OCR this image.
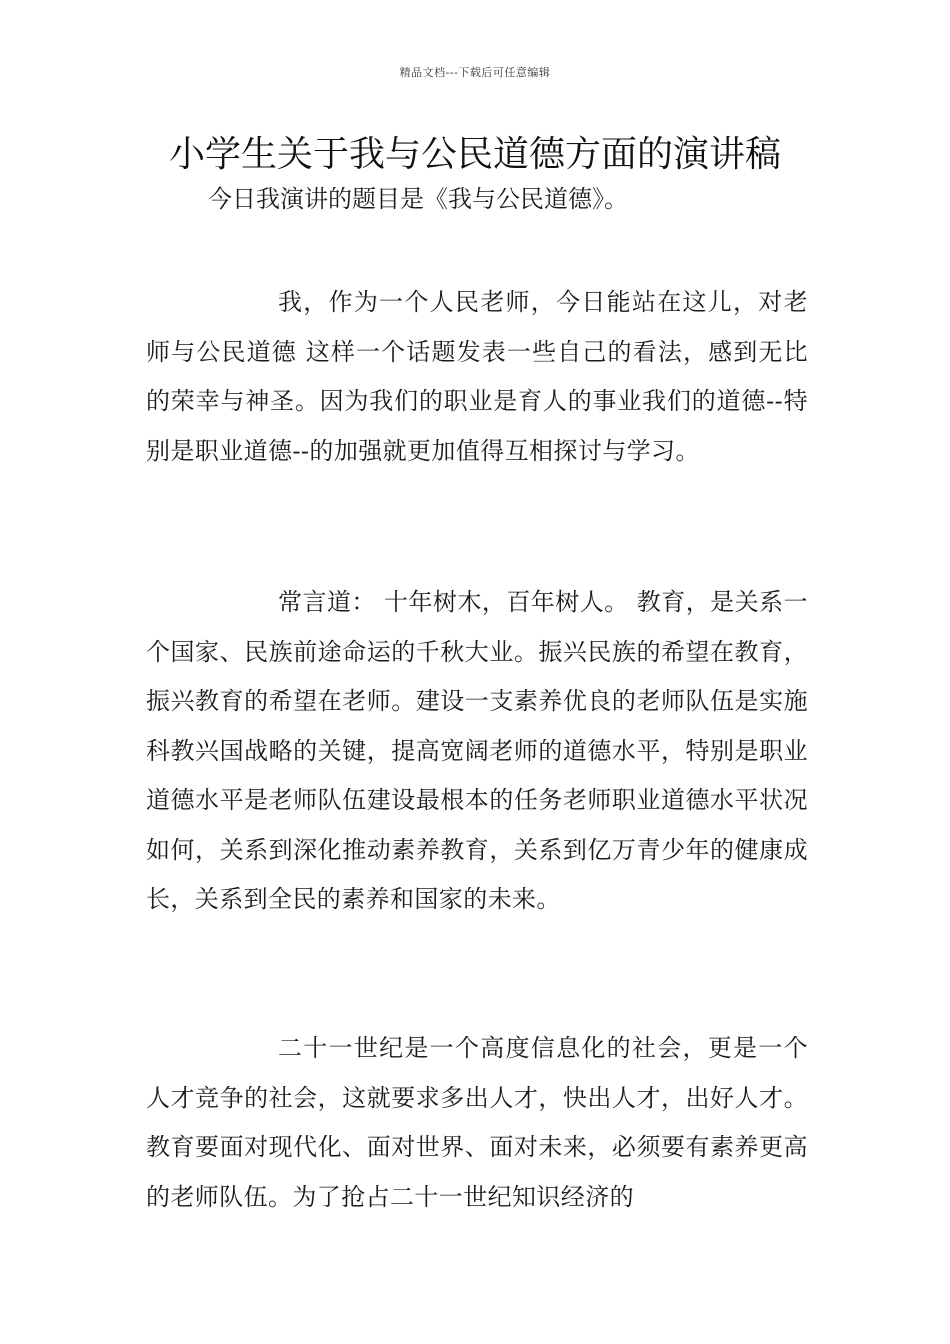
精品文档---下载后可任意编辑
小学生关于我与公民道德方面的演讲稿

今日我演讲的题目是《我与公民道德》。

我，作为一个人民老师，今日能站在这儿，对老师与公民道德 这样一个话题发表一些自己的看法，感到无比的荣幸与神圣。因为我们的职业是育人的事业我们的道德--特别是职业道德--的加强就更加值得互相探讨与学习。

常言道： 十年树木，百年树人。 教育，是关系一个国家、民族前途命运的千秋大业。振兴民族的希望在教育，振兴教育的希望在老师。建设一支素养优良的老师队伍是实施科教兴国战略的关键，提高宽阔老师的道德水平，特别是职业道德水平是老师队伍建设最根本的任务老师职业道德水平状况如何，关系到深化推动素养教育，关系到亿万青少年的健康成长，关系到全民的素养和国家的未来。

二十一世纪是一个高度信息化的社会，更是一个人才竞争的社会，这就要求多出人才，快出人才，出好人才。教育要面对现代化、面对世界、面对未来，必须要有素养更高的老师队伍。为了抢占二十一世纪知识经济的
